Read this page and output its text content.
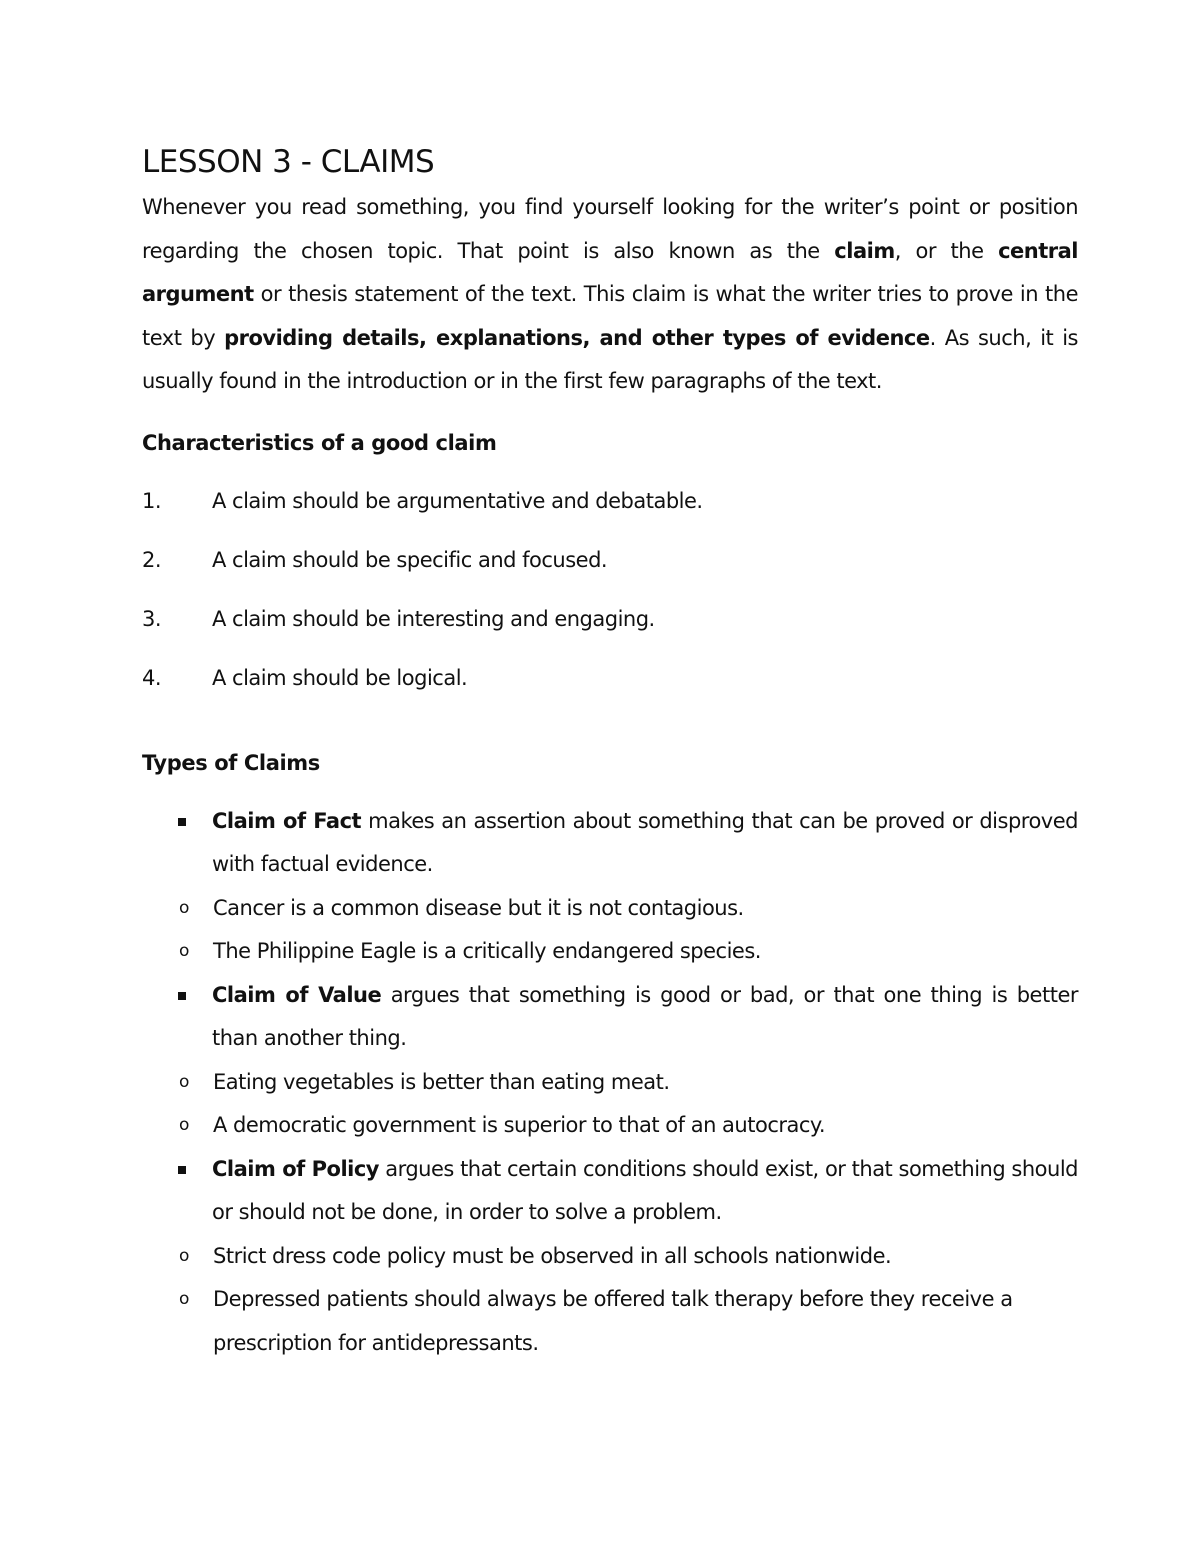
LESSON 3 - CLAIMS

Whenever you read something, you find yourself looking for the writer’s point or position regarding the chosen topic. That point is also known as the claim, or the central argument or thesis statement of the text. This claim is what the writer tries to prove in the text by providing details, explanations, and other types of evidence. As such, it is usually found in the introduction or in the first few paragraphs of the text.

Characteristics of a good claim
1.	A claim should be argumentative and debatable.
2.	A claim should be specific and focused.
3.	A claim should be interesting and engaging.
4.	A claim should be logical.
Types of Claims
Claim of Fact makes an assertion about something that can be proved or disproved with factual evidence.
o Cancer is a common disease but it is not contagious.
o The Philippine Eagle is a critically endangered species.
Claim of Value argues that something is good or bad, or that one thing is better than another thing.
o Eating vegetables is better than eating meat.
o A democratic government is superior to that of an autocracy.
Claim of Policy argues that certain conditions should exist, or that something should or should not be done, in order to solve a problem.
o Strict dress code policy must be observed in all schools nationwide.
o Depressed patients should always be offered talk therapy before they receive a prescription for antidepressants.
